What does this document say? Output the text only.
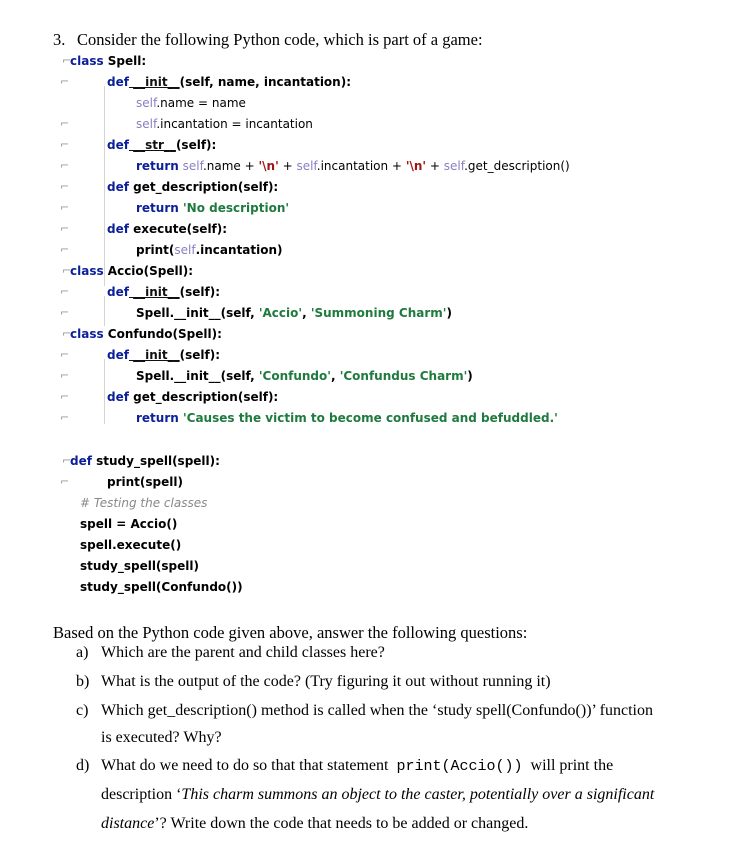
3. Consider the following Python code, which is part of a game:
⌐
class Spell:
⌐	def __init__(self, name, incantation):
self.name = name
⌐	self.incantation = incantation
⌐	def __str__(self):
⌐	return self.name + '\n' + self.incantation + '\n' + self.get_description()
⌐	def get_description(self):
⌐	return 'No description'
⌐	def execute(self):
⌐	print(self.incantation)
⌐
class Accio(Spell):
⌐	def __init__(self):
⌐	Spell.__init__(self, 'Accio', 'Summoning Charm')
⌐
class Confundo(Spell):
⌐	def __init__(self):
⌐	Spell.__init__(self, 'Confundo', 'Confundus Charm')
⌐	def get_description(self):
⌐	return 'Causes the victim to become confused and befuddled.'
⌐
def study_spell(spell):
⌐	print(spell)
# Testing the classes
spell = Accio()
spell.execute()
study_spell(spell)
study_spell(Confundo())
Based on the Python code given above, answer the following questions:
a) Which are the parent and child classes here?
b) What is the output of the code? (Try figuring it out without running it)
c) Which get_description() method is called when the ‘study spell(Confundo())’ function
is executed? Why?
d) What do we need to do so that that statement print(Accio()) will print the
description ‘This charm summons an object to the caster, potentially over a significant
distance’? Write down the code that needs to be added or changed.
